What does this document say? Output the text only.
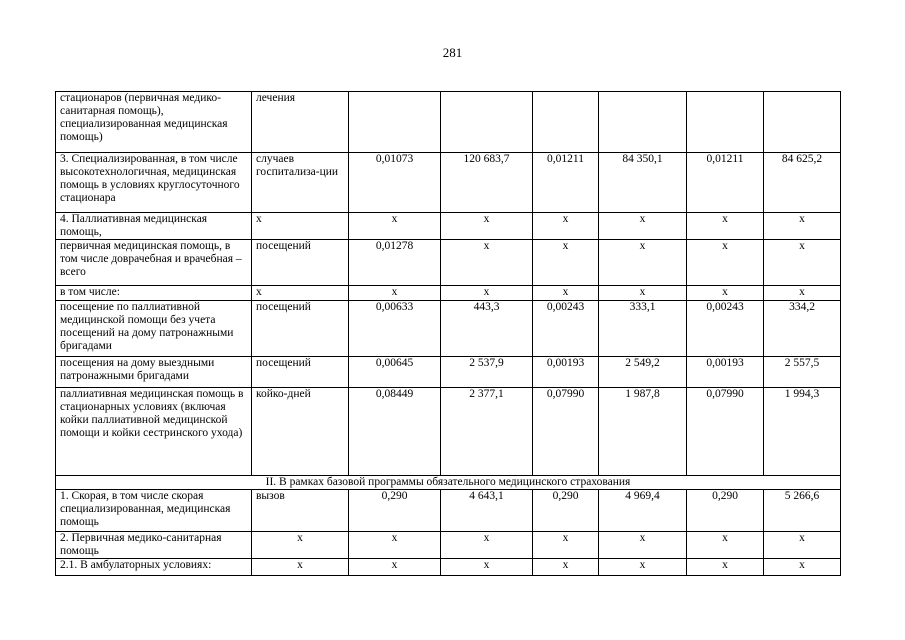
281
стационаров (первичная медико-санитарная помощь), специализированная медицинская помощь)	лечения						
3. Специализированная, в том числе высокотехнологичная, медицинская помощь в условиях круглосуточного стационара	случаев госпитализа-ции	0,01073	120 683,7	0,01211	84 350,1	0,01211	84 625,2
4. Паллиативная медицинская помощь,	х	х	х	х	х	х	х
первичная медицинская помощь, в том числе доврачебная и врачебная – всего	посещений	0,01278	х	х	х	х	х
в том числе:	х	х	х	х	х	х	х
посещение по паллиативной медицинской помощи без учета посещений на дому патронажными бригадами	посещений	0,00633	443,3	0,00243	333,1	0,00243	334,2
посещения на дому выездными патронажными бригадами	посещений	0,00645	2 537,9	0,00193	2 549,2	0,00193	2 557,5
паллиативная медицинская помощь в стационарных условиях (включая койки паллиативной медицинской помощи и койки сестринского ухода)	койко-дней	0,08449	2 377,1	0,07990	1 987,8	0,07990	1 994,3
II. В рамках базовой программы обязательного медицинского страхования							
1. Скорая, в том числе скорая специализированная, медицинская помощь	вызов	0,290	4 643,1	0,290	4 969,4	0,290	5 266,6
2. Первичная медико-санитарная помощь	х	х	х	х	х	х	х
2.1. В амбулаторных условиях:	х	х	х	х	х	х	х
